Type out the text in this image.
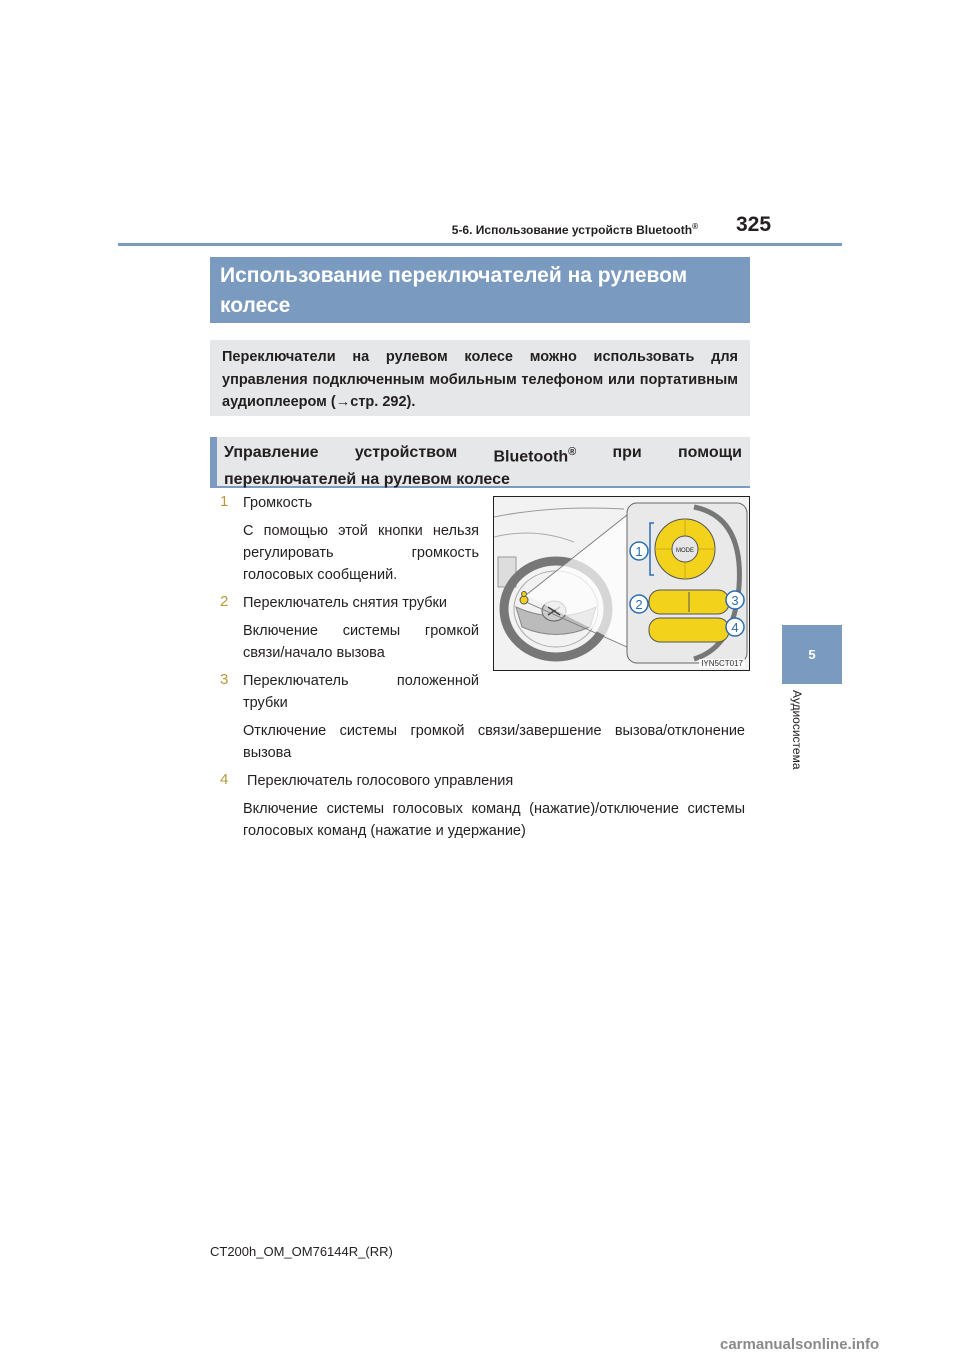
5-6. Использование устройств Bluetooth® 325
5
Аудиосистема
Использование переключателей на рулевом
колесе
Переключатели на рулевом колесе можно использовать для управления подключенным мобильным телефоном или портативным аудиоплеером (→стр. 292).
Управление устройством Bluetooth® при помощи
переключателей на рулевом колесе
1 Громкость
С помощью этой кнопки нельзя регулировать громкость голосовых сообщений.
2 Переключатель снятия трубки
Включение системы громкой связи/начало вызова
3 Переключатель положенной трубки
Отключение системы громкой связи/завершение вызова/отклонение вызова
4 Переключатель голосового управления
Включение системы голосовых команд (нажатие)/отключение системы голосовых команд (нажатие и удержание)
MODE
1
2	3
4
IYN5CT017
CT200h_OM_OM76144R_(RR)
carmanualsonline.info
